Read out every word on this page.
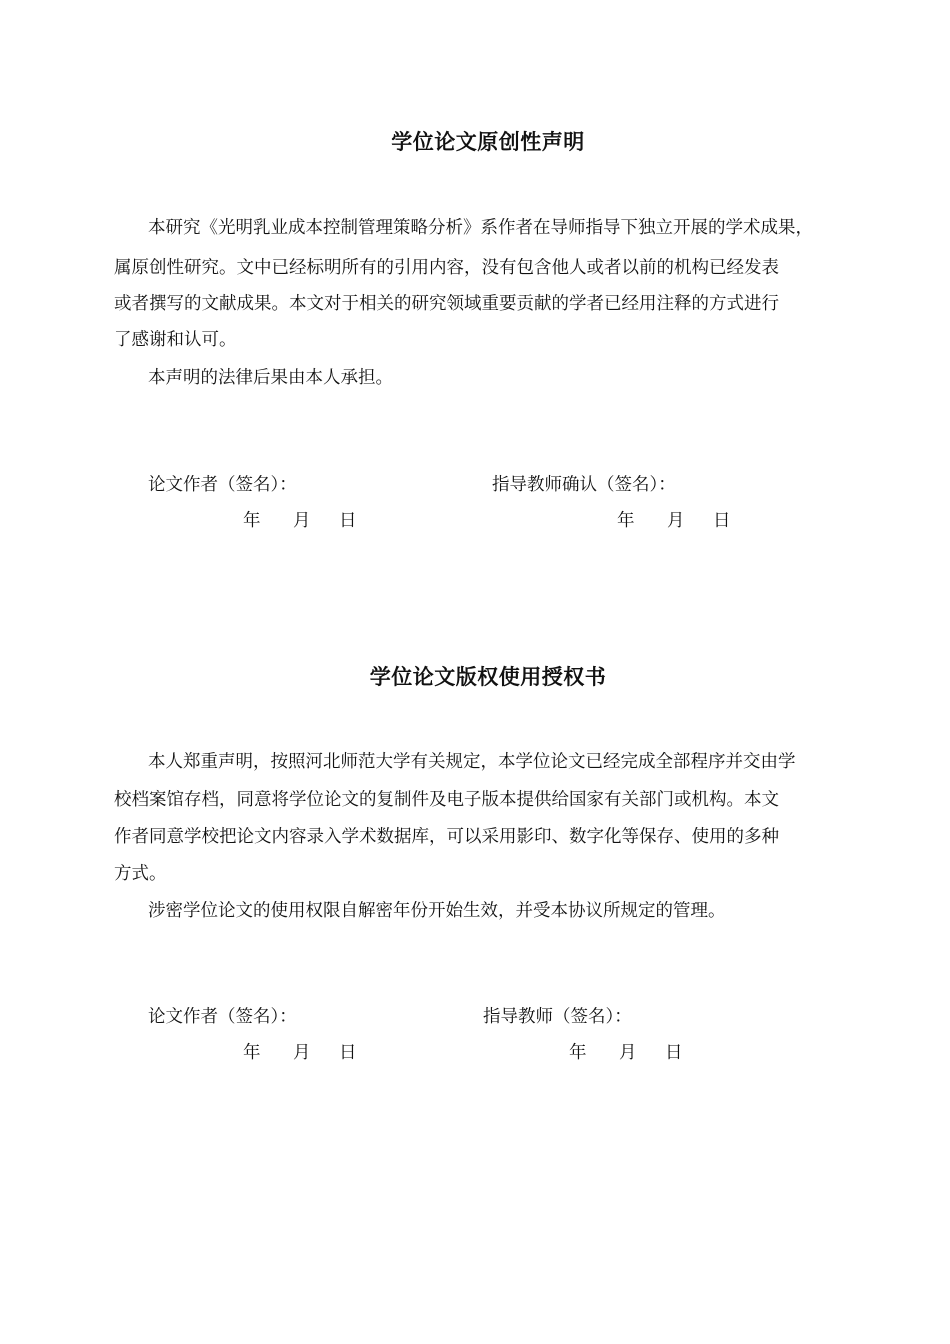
学位论文原创性声明
本研究《光明乳业成本控制管理策略分析》系作者在导师指导下独立开展的学术成果，
属原创性研究。文中已经标明所有的引用内容，没有包含他人或者以前的机构已经发表
或者撰写的文献成果。本文对于相关的研究领域重要贡献的学者已经用注释的方式进行
了感谢和认可。
本声明的法律后果由本人承担。
论文作者（签名）：	指导教师确认（签名）：
年	月	日	年	月	日
学位论文版权使用授权书
本人郑重声明，按照河北师范大学有关规定，本学位论文已经完成全部程序并交由学
校档案馆存档，同意将学位论文的复制件及电子版本提供给国家有关部门或机构。本文
作者同意学校把论文内容录入学术数据库，可以采用影印、数字化等保存、使用的多种
方式。
涉密学位论文的使用权限自解密年份开始生效，并受本协议所规定的管理。
论文作者（签名）：	指导教师（签名）：
年	月	日	年	月	日
